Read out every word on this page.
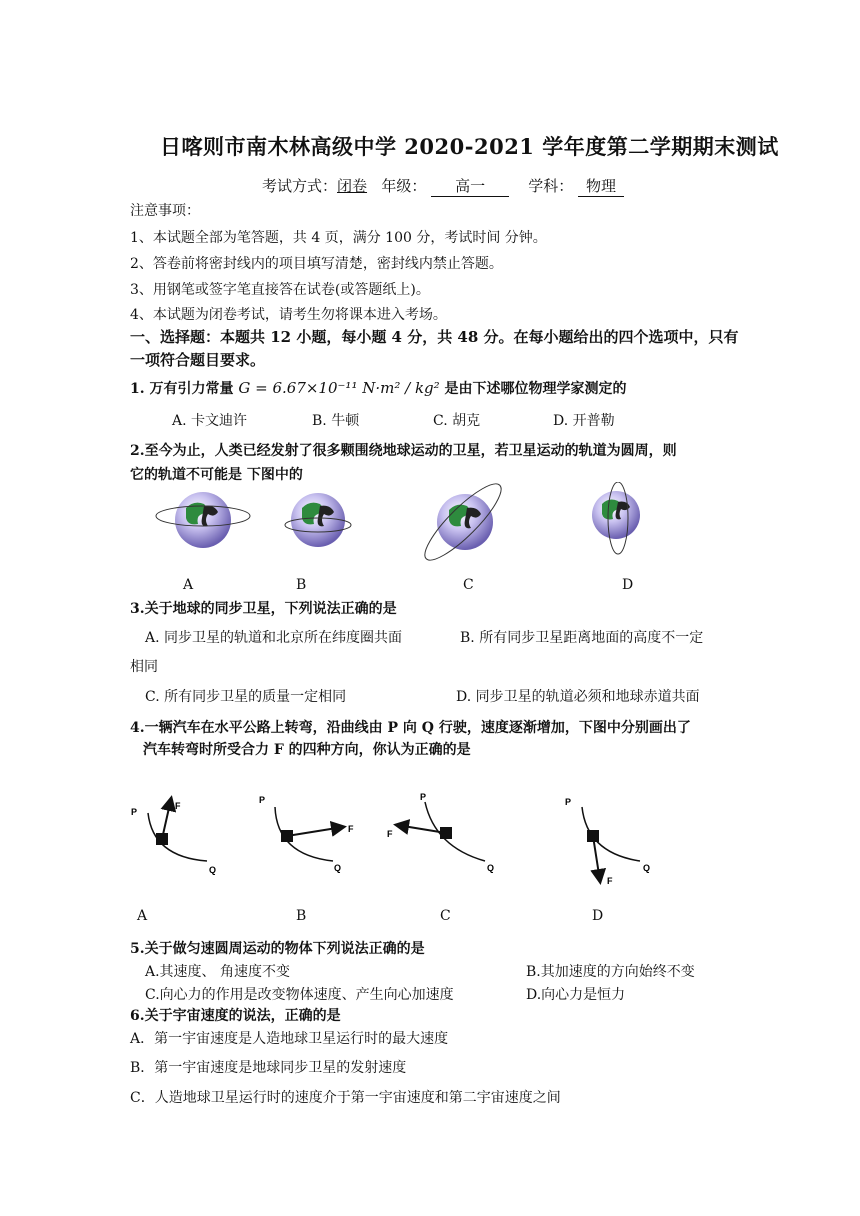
日喀则市南木林高级中学 2020-2021 学年度第二学期期末测试
考试方式：闭卷 年级： 高一	学科： 物理
注意事项：
1、本试题全部为笔答题，共 4 页，满分 100 分，考试时间 分钟。
2、答卷前将密封线内的项目填写清楚，密封线内禁止答题。
3、用钢笔或签字笔直接答在试卷(或答题纸上)。
4、本试题为闭卷考试，请考生勿将课本进入考场。
一、选择题：本题共 12 小题，每小题 4 分，共 48 分。在每小题给出的四个选项中，只有
一项符合题目要求。
1. 万有引力常量 G = 6.67×10⁻¹¹ N·m² / kg² 是由下述哪位物理学家测定的
A. 卡文迪许	B. 牛顿	C. 胡克	D. 开普勒
2.至今为止，人类已经发射了很多颗围绕地球运动的卫星，若卫星运动的轨道为圆周，则
它的轨道不可能是 下图中的
A	B	C	D
3.关于地球的同步卫星，下列说法正确的是
A. 同步卫星的轨道和北京所在纬度圈共面	B. 所有同步卫星距离地面的高度不一定
相同
C. 所有同步卫星的质量一定相同	D. 同步卫星的轨道必须和地球赤道共面
4.一辆汽车在水平公路上转弯，沿曲线由 P 向 Q 行驶，速度逐渐增加，下图中分别画出了
汽车转弯时所受合力 F 的四种方向，你认为正确的是
P
F
Q
P
F
Q
P
F
Q
P
F
Q
A	B	C	D
5.关于做匀速圆周运动的物体下列说法正确的是
A.其速度、 角速度不变	B.其加速度的方向始终不变
C.向心力的作用是改变物体速度、产生向心加速度	D.向心力是恒力
6.关于宇宙速度的说法，正确的是
A．第一宇宙速度是人造地球卫星运行时的最大速度
B．第一宇宙速度是地球同步卫星的发射速度
C．人造地球卫星运行时的速度介于第一宇宙速度和第二宇宙速度之间
